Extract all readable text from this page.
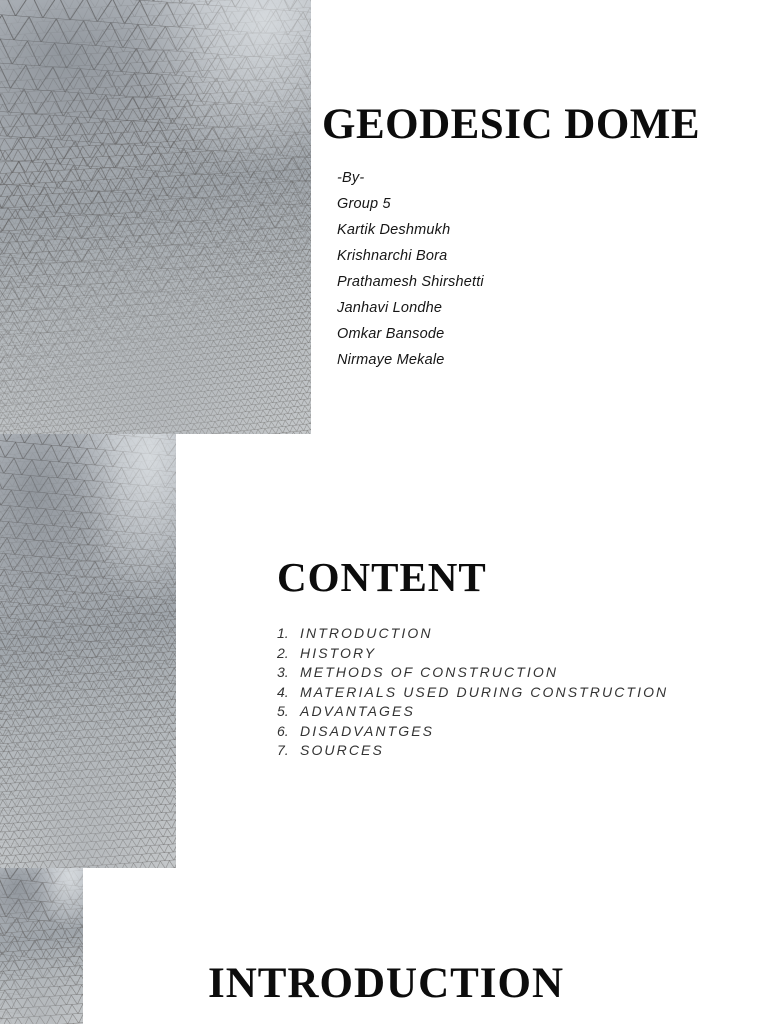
GEODESIC DOME
-By-
Group 5
Kartik Deshmukh
Krishnarchi Bora
Prathamesh Shirshetti
Janhavi Londhe
Omkar Bansode
Nirmaye Mekale
CONTENT
1. INTRODUCTION
2. HISTORY
3. METHODS OF CONSTRUCTION
4. MATERIALS USED DURING CONSTRUCTION
5. ADVANTAGES
6. DISADVANTGES
7. SOURCES
INTRODUCTION
